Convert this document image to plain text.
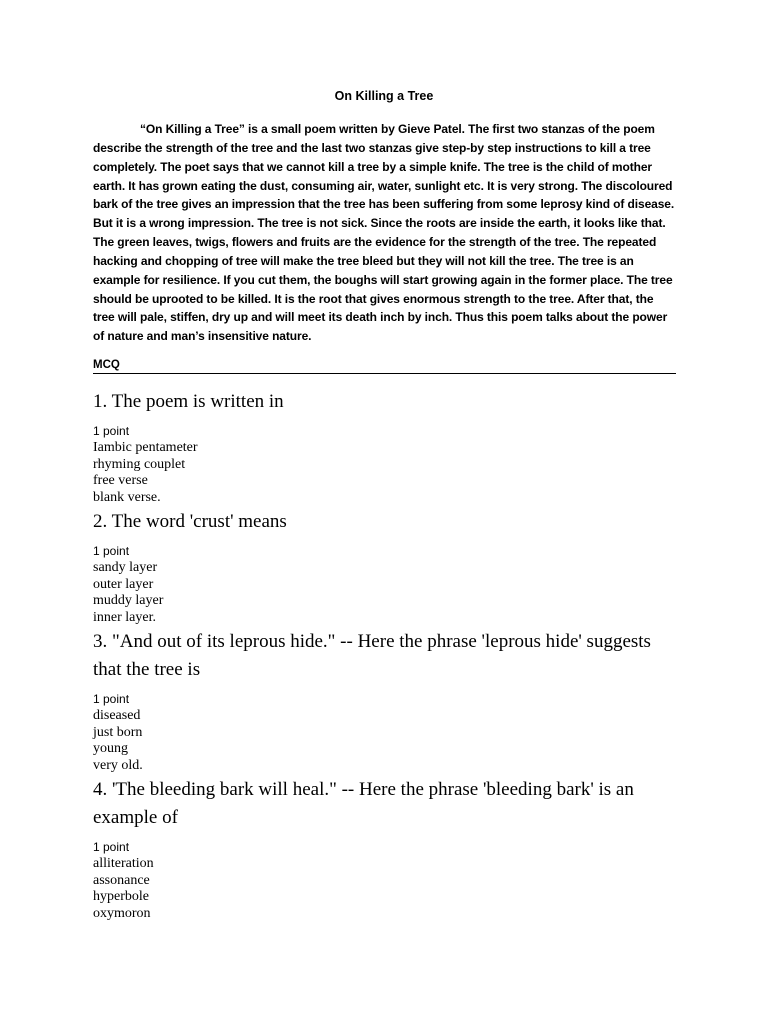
On Killing a Tree

“On Killing a Tree” is a small poem written by Gieve Patel. The first two stanzas of the poem describe the strength of the tree and the last two stanzas give step-by step instructions to kill a tree completely. The poet says that we cannot kill a tree by a simple knife. The tree is the child of mother earth. It has grown eating the dust, consuming air, water, sunlight etc. It is very strong. The discoloured bark of the tree gives an impression that the tree has been suffering from some leprosy kind of disease. But it is a wrong impression. The tree is not sick. Since the roots are inside the earth, it looks like that. The green leaves, twigs, flowers and fruits are the evidence for the strength of the tree. The repeated hacking and chopping of tree will make the tree bleed but they will not kill the tree. The tree is an example for resilience. If you cut them, the boughs will start growing again in the former place. The tree should be uprooted to be killed. It is the root that gives enormous strength to the tree. After that, the tree will pale, stiffen, dry up and will meet its death inch by inch. Thus this poem talks about the power of nature and man’s insensitive nature.

MCQ
1. The poem is written in
1 point
Iambic pentameter
rhyming couplet
free verse
blank verse.
2. The word 'crust' means
1 point
sandy layer
outer layer
muddy layer
inner layer.
3. "And out of its leprous hide." -- Here the phrase 'leprous hide' suggests that the tree is
1 point
diseased
just born
young
very old.
4. 'The bleeding bark will heal." -- Here the phrase 'bleeding bark' is an example of
1 point
alliteration
assonance
hyperbole
oxymoron
